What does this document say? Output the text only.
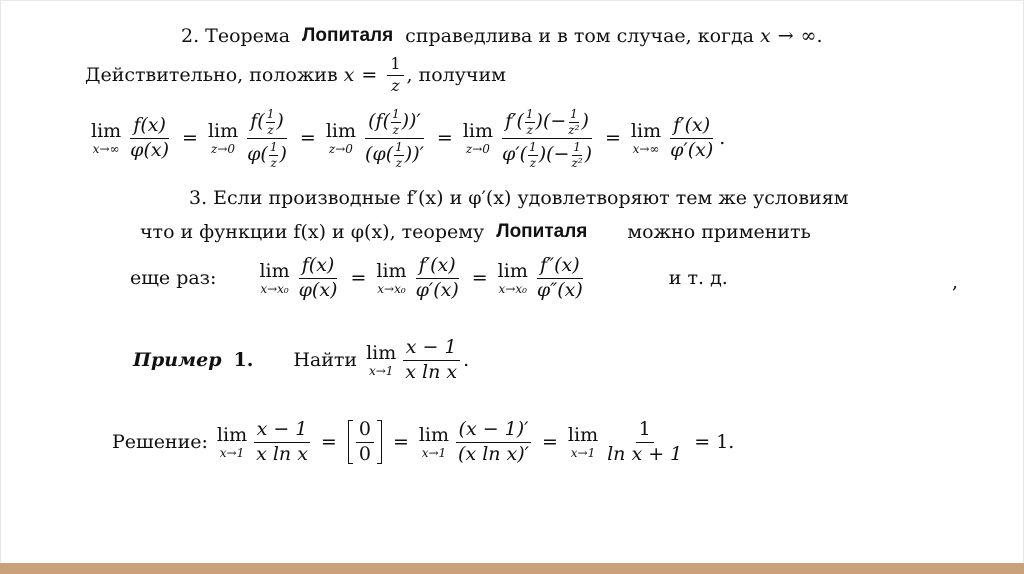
2. Теорема Лопиталя справедлива и в том случае, когда x → ∞.
Действительно, положив $x = \frac{1}{z}$ , получим
lim
$x\to\infty \frac{f(x)}{\varphi(x)} = \lim$
$z\to 0 \frac{f( \frac{1}{z} )}{\varphi( \frac{1}{z} )} = \lim$
$z\to 0 \frac{(f( \frac{1}{z} ))'}{(\varphi( \frac{1}{z} ))'} = \lim$
$z\to 0 \frac{f'( \frac{1}{z} )(- \frac{1}{\text{z²}} )}{\varphi'( \frac{1}{z} )(- \frac{1}{\text{z²}} )} = \lim$
$x\to\infty \frac{f'(x)}{\varphi'(x)}$ .
3. Если производные f′(x) и φ′(x) удовлетворяют тем же условиям
что и функции f(x) и φ(x), теорему Лопиталя можно применить
еще раз: lim
$x\to x_0 \frac{f(x)}{\varphi(x)} = \lim$
$x\to x_0 \frac{f'(x)}{\varphi'(x)} = \lim$
$x\to x_0 \frac{f''(x)}{\varphi''(x)}$	и т. д.	,
Пример 1. Найти lim
$x\to 1 \frac{x - 1}{\text{x ln x}}$ .
Решение: lim
$x\to 1 \frac{x - 1}{\text{x ln x}} = \frac{0}{0} = \lim$
$x\to 1 \frac{(x - 1)'}{\text{(x ln x)′}} = \lim$
$x\to 1 \frac{1}{\text{ln x + 1}} = 1$.
